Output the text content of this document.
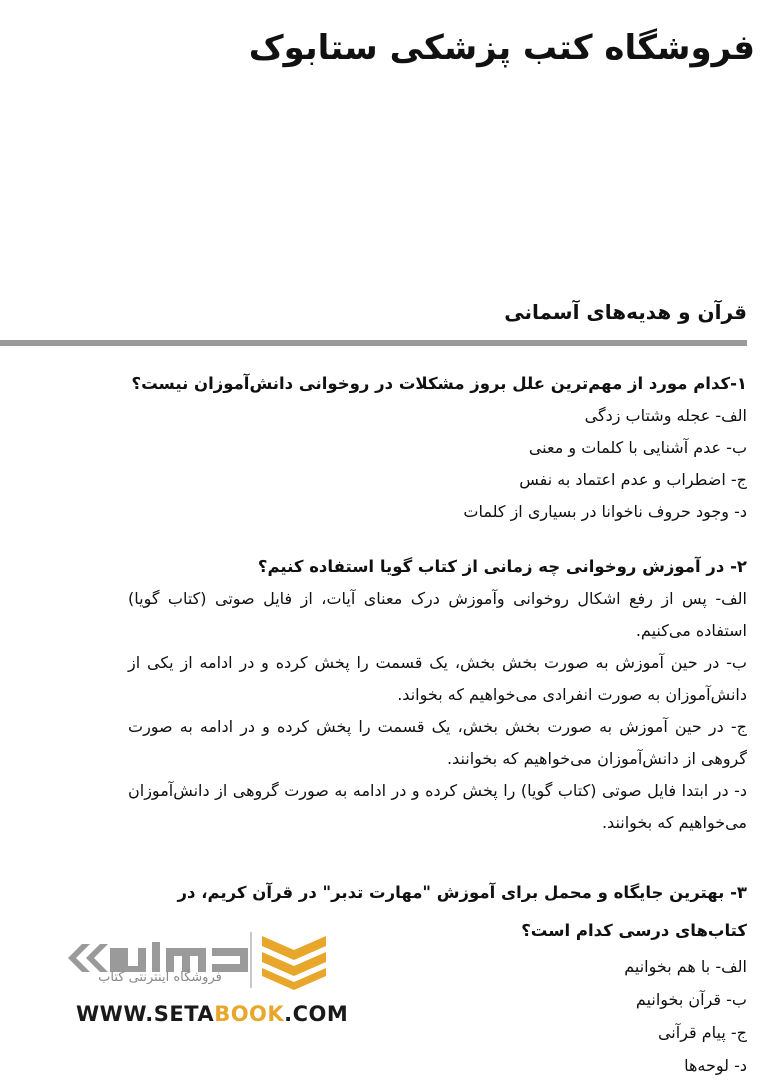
فروشگاه کتب پزشکی ستابوک
قرآن و هدیه‌های آسمانی

۱-کدام مورد از مهم‌ترین علل بروز مشکلات در روخوانی دانش‌آموزان نیست؟

الف- عجله وشتاب زدگی

ب- عدم آشنایی با کلمات و معنی

ج- اضطراب و عدم اعتماد به نفس

د- وجود حروف ناخوانا در بسیاری از کلمات

۲- در آموزش روخوانی چه زمانی از کتاب گویا استفاده کنیم؟

الف- پس از رفع اشکال روخوانی وآموزش درک معنای آیات، از فایل صوتی (کتاب گویا) استفاده می‌کنیم.

ب- در حین آموزش به صورت بخش بخش، یک قسمت را پخش کرده و در ادامه از یکی از دانش‌آموزان به صورت انفرادی می‌خواهیم که بخواند.

ج- در حین آموزش به صورت بخش بخش، یک قسمت را پخش کرده و در ادامه به صورت گروهی از دانش‌آموزان می‌خواهیم که بخوانند.

د- در ابتدا فایل صوتی (کتاب گویا) را پخش کرده و در ادامه به صورت گروهی از دانش‌آموزان می‌خواهیم که بخوانند.

۳- بهترین جایگاه و محمل برای آموزش "مهارت تدبر" در قرآن کریم، در کتاب‌های درسی کدام است؟

الف- با هم بخوانیم

ب- قرآن بخوانیم

ج- پیام قرآنی

د- لوحه‌ها

فروشگاه اینترنتی کتاب
WWW.SETABOOK.COM
